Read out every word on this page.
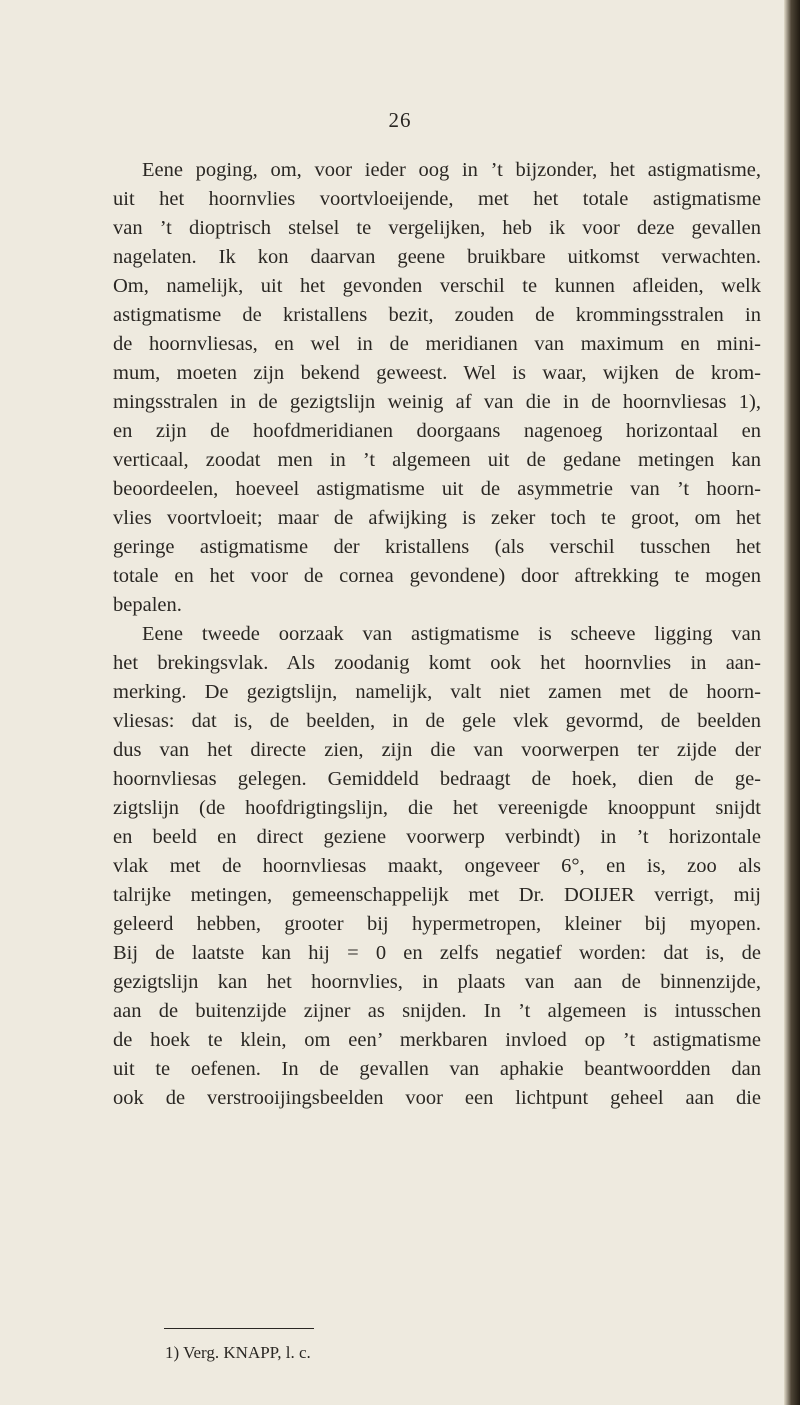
26
Eene poging, om, voor ieder oog in ’t bijzonder, het astigmatisme,
uit het hoornvlies voortvloeijende, met het totale astigmatisme
van ’t dioptrisch stelsel te vergelijken, heb ik voor deze gevallen
nagelaten. Ik kon daarvan geene bruikbare uitkomst verwachten.
Om, namelijk, uit het gevonden verschil te kunnen afleiden, welk
astigmatisme de kristallens bezit, zouden de krommingsstralen in
de hoornvliesas, en wel in de meridianen van maximum en mini-
mum, moeten zijn bekend geweest. Wel is waar, wijken de krom-
mingsstralen in de gezigtslijn weinig af van die in de hoornvliesas 1),
en zijn de hoofdmeridianen doorgaans nagenoeg horizontaal en
verticaal, zoodat men in ’t algemeen uit de gedane metingen kan
beoordeelen, hoeveel astigmatisme uit de asymmetrie van ’t hoorn-
vlies voortvloeit; maar de afwijking is zeker toch te groot, om het
geringe astigmatisme der kristallens (als verschil tusschen het
totale en het voor de cornea gevondene) door aftrekking te mogen
bepalen.
Eene tweede oorzaak van astigmatisme is scheeve ligging van
het brekingsvlak. Als zoodanig komt ook het hoornvlies in aan-
merking. De gezigtslijn, namelijk, valt niet zamen met de hoorn-
vliesas: dat is, de beelden, in de gele vlek gevormd, de beelden
dus van het directe zien, zijn die van voorwerpen ter zijde der
hoornvliesas gelegen. Gemiddeld bedraagt de hoek, dien de ge-
zigtslijn (de hoofdrigtingslijn, die het vereenigde knooppunt snijdt
en beeld en direct geziene voorwerp verbindt) in ’t horizontale
vlak met de hoornvliesas maakt, ongeveer 6°, en is, zoo als
talrijke metingen, gemeenschappelijk met Dr. DOIJER verrigt, mij
geleerd hebben, grooter bij hypermetropen, kleiner bij myopen.
Bij de laatste kan hij = 0 en zelfs negatief worden: dat is, de
gezigtslijn kan het hoornvlies, in plaats van aan de binnenzijde,
aan de buitenzijde zijner as snijden. In ’t algemeen is intusschen
de hoek te klein, om een’ merkbaren invloed op ’t astigmatisme
uit te oefenen. In de gevallen van aphakie beantwoordden dan
ook de verstrooijingsbeelden voor een lichtpunt geheel aan die
1) Verg. KNAPP, l. c.
